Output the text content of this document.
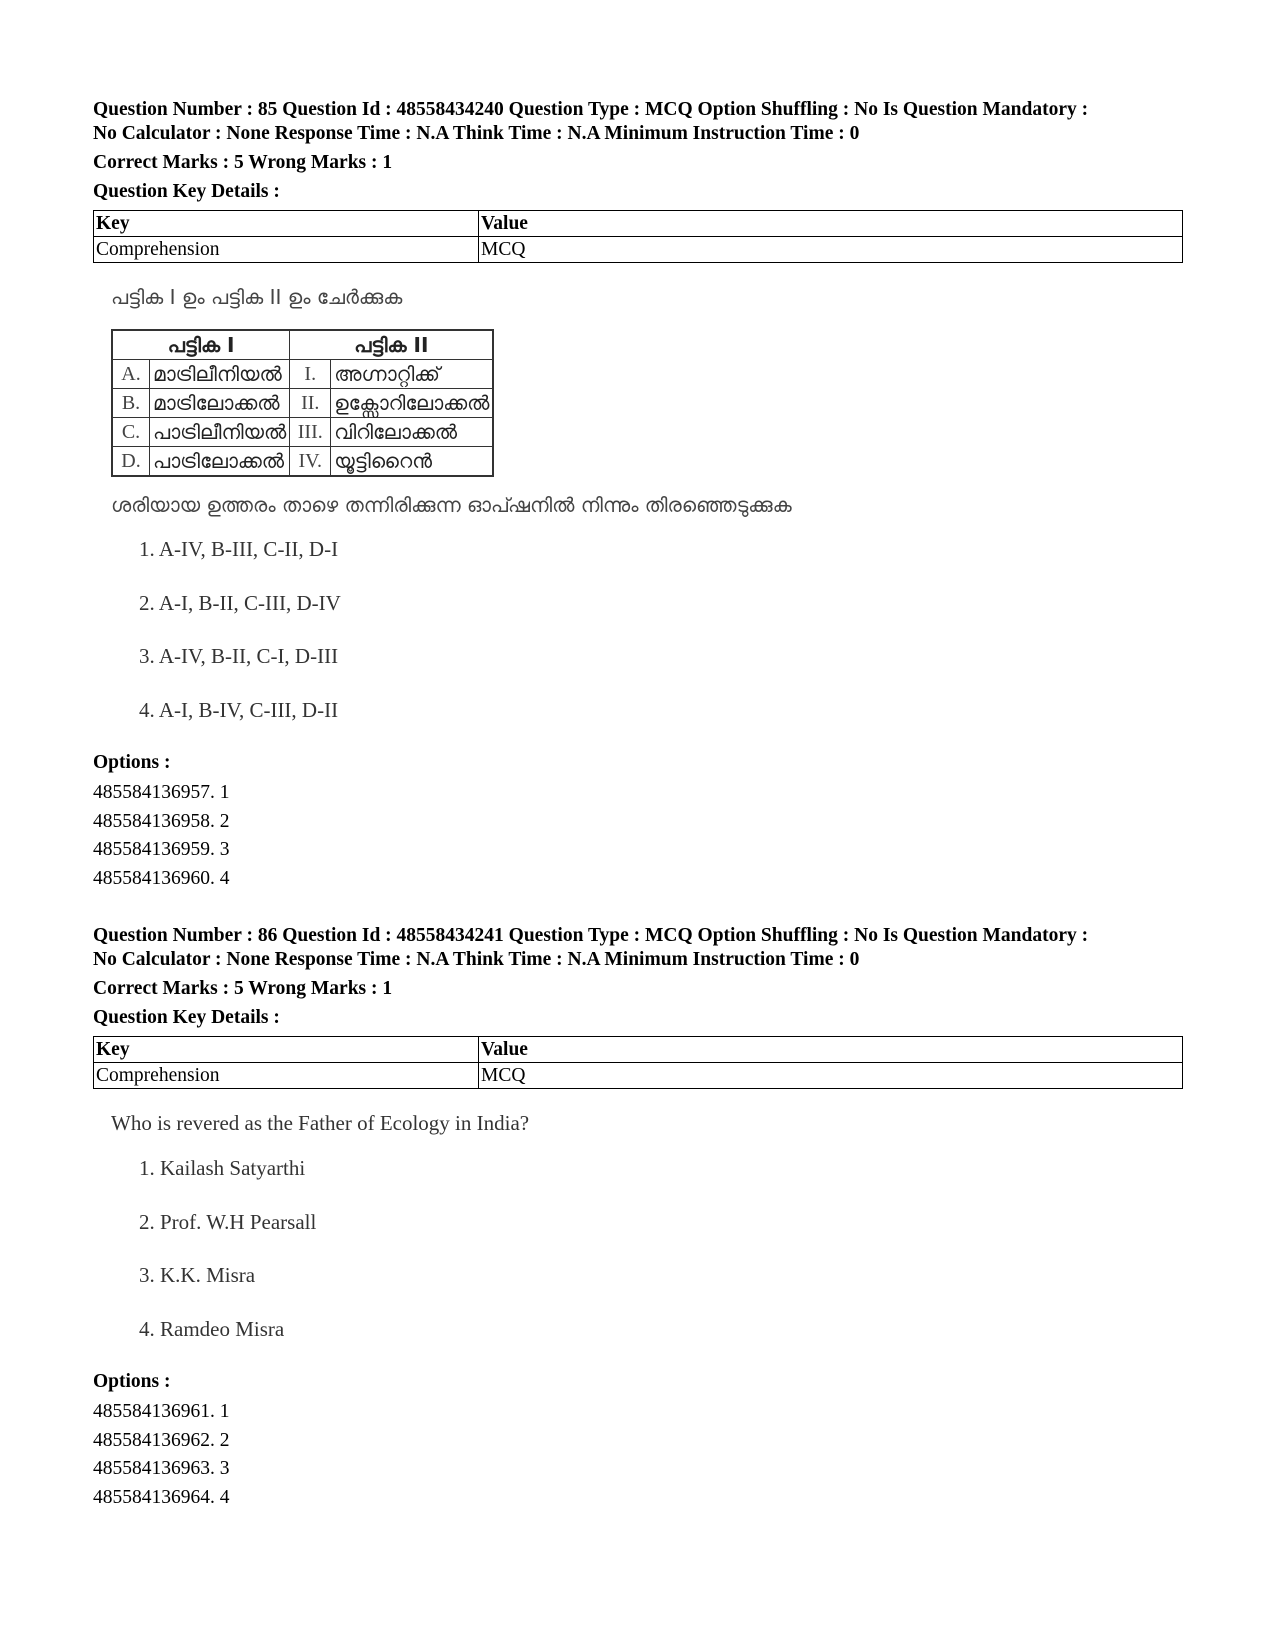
Question Number : 85 Question Id : 48558434240 Question Type : MCQ Option Shuffling : No Is Question Mandatory :
No Calculator : None Response Time : N.A Think Time : N.A Minimum Instruction Time : 0
Correct Marks : 5 Wrong Marks : 1
Question Key Details :
Key	Value
Comprehension	MCQ
പട്ടിക I ഉം പട്ടിക II ഉം ചേർക്കുക
പട്ടിക I		പട്ടിക II	
A.	മാട്രിലീനിയൽ	I.	അഗ്നാറ്റിക്ക്
B.	മാട്രിലോക്കൽ	II.	ഉക്സോറിലോക്കൽ
C.	പാട്രിലീനിയൽ	III.	വിറിലോക്കൽ
D.	പാട്രിലോക്കൽ	IV.	യൂട്ടിറൈൻ
ശരിയായ ഉത്തരം താഴെ തന്നിരിക്കുന്ന ഓപ്ഷനിൽ നിന്നും തിരഞ്ഞെടുക്കുക
1. A-IV, B-III, C-II, D-I
2. A-I, B-II, C-III, D-IV
3. A-IV, B-II, C-I, D-III
4. A-I, B-IV, C-III, D-II
Options :
485584136957. 1
485584136958. 2
485584136959. 3
485584136960. 4
Question Number : 86 Question Id : 48558434241 Question Type : MCQ Option Shuffling : No Is Question Mandatory :
No Calculator : None Response Time : N.A Think Time : N.A Minimum Instruction Time : 0
Correct Marks : 5 Wrong Marks : 1
Question Key Details :
Key	Value
Comprehension	MCQ
Who is revered as the Father of Ecology in India?
1. Kailash Satyarthi
2. Prof. W.H Pearsall
3. K.K. Misra
4. Ramdeo Misra
Options :
485584136961. 1
485584136962. 2
485584136963. 3
485584136964. 4
